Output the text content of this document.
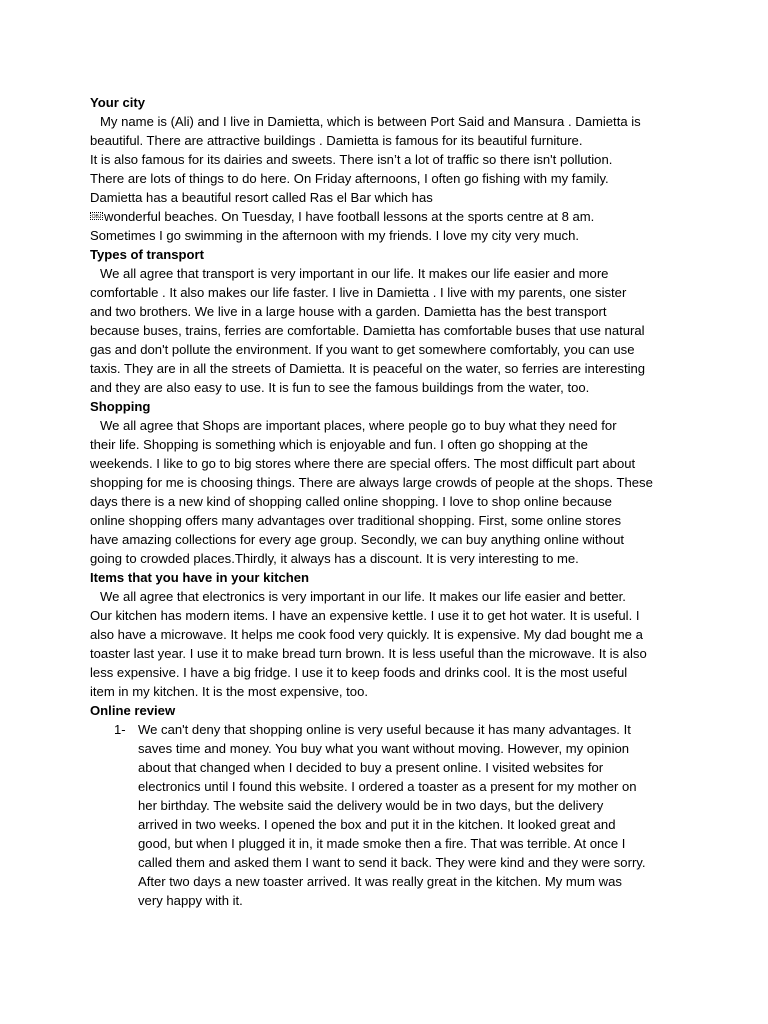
Your city
My name is (Ali) and I live in Damietta, which is between Port Said and Mansura . Damietta is
beautiful. There are attractive buildings . Damietta is famous for its beautiful furniture.
It is also famous for its dairies and sweets. There isn’t a lot of traffic so there isn't pollution.
There are lots of things to do here. On Friday afternoons, I often go fishing with my family.
Damietta has a beautiful resort called Ras el Bar which has
OBJ wonderful beaches. On Tuesday, I have football lessons at the sports centre at 8 am.
Sometimes I go swimming in the afternoon with my friends. I love my city very much.
Types of transport
We all agree that transport is very important in our life. It makes our life easier and more
comfortable . It also makes our life faster. I live in Damietta . I live with my parents, one sister
and two brothers. We live in a large house with a garden. Damietta has the best transport
because buses, trains, ferries are comfortable. Damietta has comfortable buses that use natural
gas and don't pollute the environment. If you want to get somewhere comfortably, you can use
taxis. They are in all the streets of Damietta. It is peaceful on the water, so ferries are interesting
and they are also easy to use. It is fun to see the famous buildings from the water, too.
Shopping
We all agree that Shops are important places, where people go to buy what they need for
their life. Shopping is something which is enjoyable and fun. I often go shopping at the
weekends. I like to go to big stores where there are special offers. The most difficult part about
shopping for me is choosing things. There are always large crowds of people at the shops. These
days there is a new kind of shopping called online shopping. I love to shop online because
online shopping offers many advantages over traditional shopping. First, some online stores
have amazing collections for every age group. Secondly, we can buy anything online without
going to crowded places.Thirdly, it always has a discount. It is very interesting to me.
Items that you have in your kitchen
We all agree that electronics is very important in our life. It makes our life easier and better.
Our kitchen has modern items. I have an expensive kettle. I use it to get hot water. It is useful. I
also have a microwave. It helps me cook food very quickly. It is expensive. My dad bought me a
toaster last year. I use it to make bread turn brown. It is less useful than the microwave. It is also
less expensive. I have a big fridge. I use it to keep foods and drinks cool. It is the most useful
item in my kitchen. It is the most expensive, too.
Online review
1- We can't deny that shopping online is very useful because it has many advantages. It
saves time and money. You buy what you want without moving. However, my opinion
about that changed when I decided to buy a present online. I visited websites for
electronics until I found this website. I ordered a toaster as a present for my mother on
her birthday. The website said the delivery would be in two days, but the delivery
arrived in two weeks. I opened the box and put it in the kitchen. It looked great and
good, but when I plugged it in, it made smoke then a fire. That was terrible. At once I
called them and asked them I want to send it back. They were kind and they were sorry.
After two days a new toaster arrived. It was really great in the kitchen. My mum was
very happy with it.
